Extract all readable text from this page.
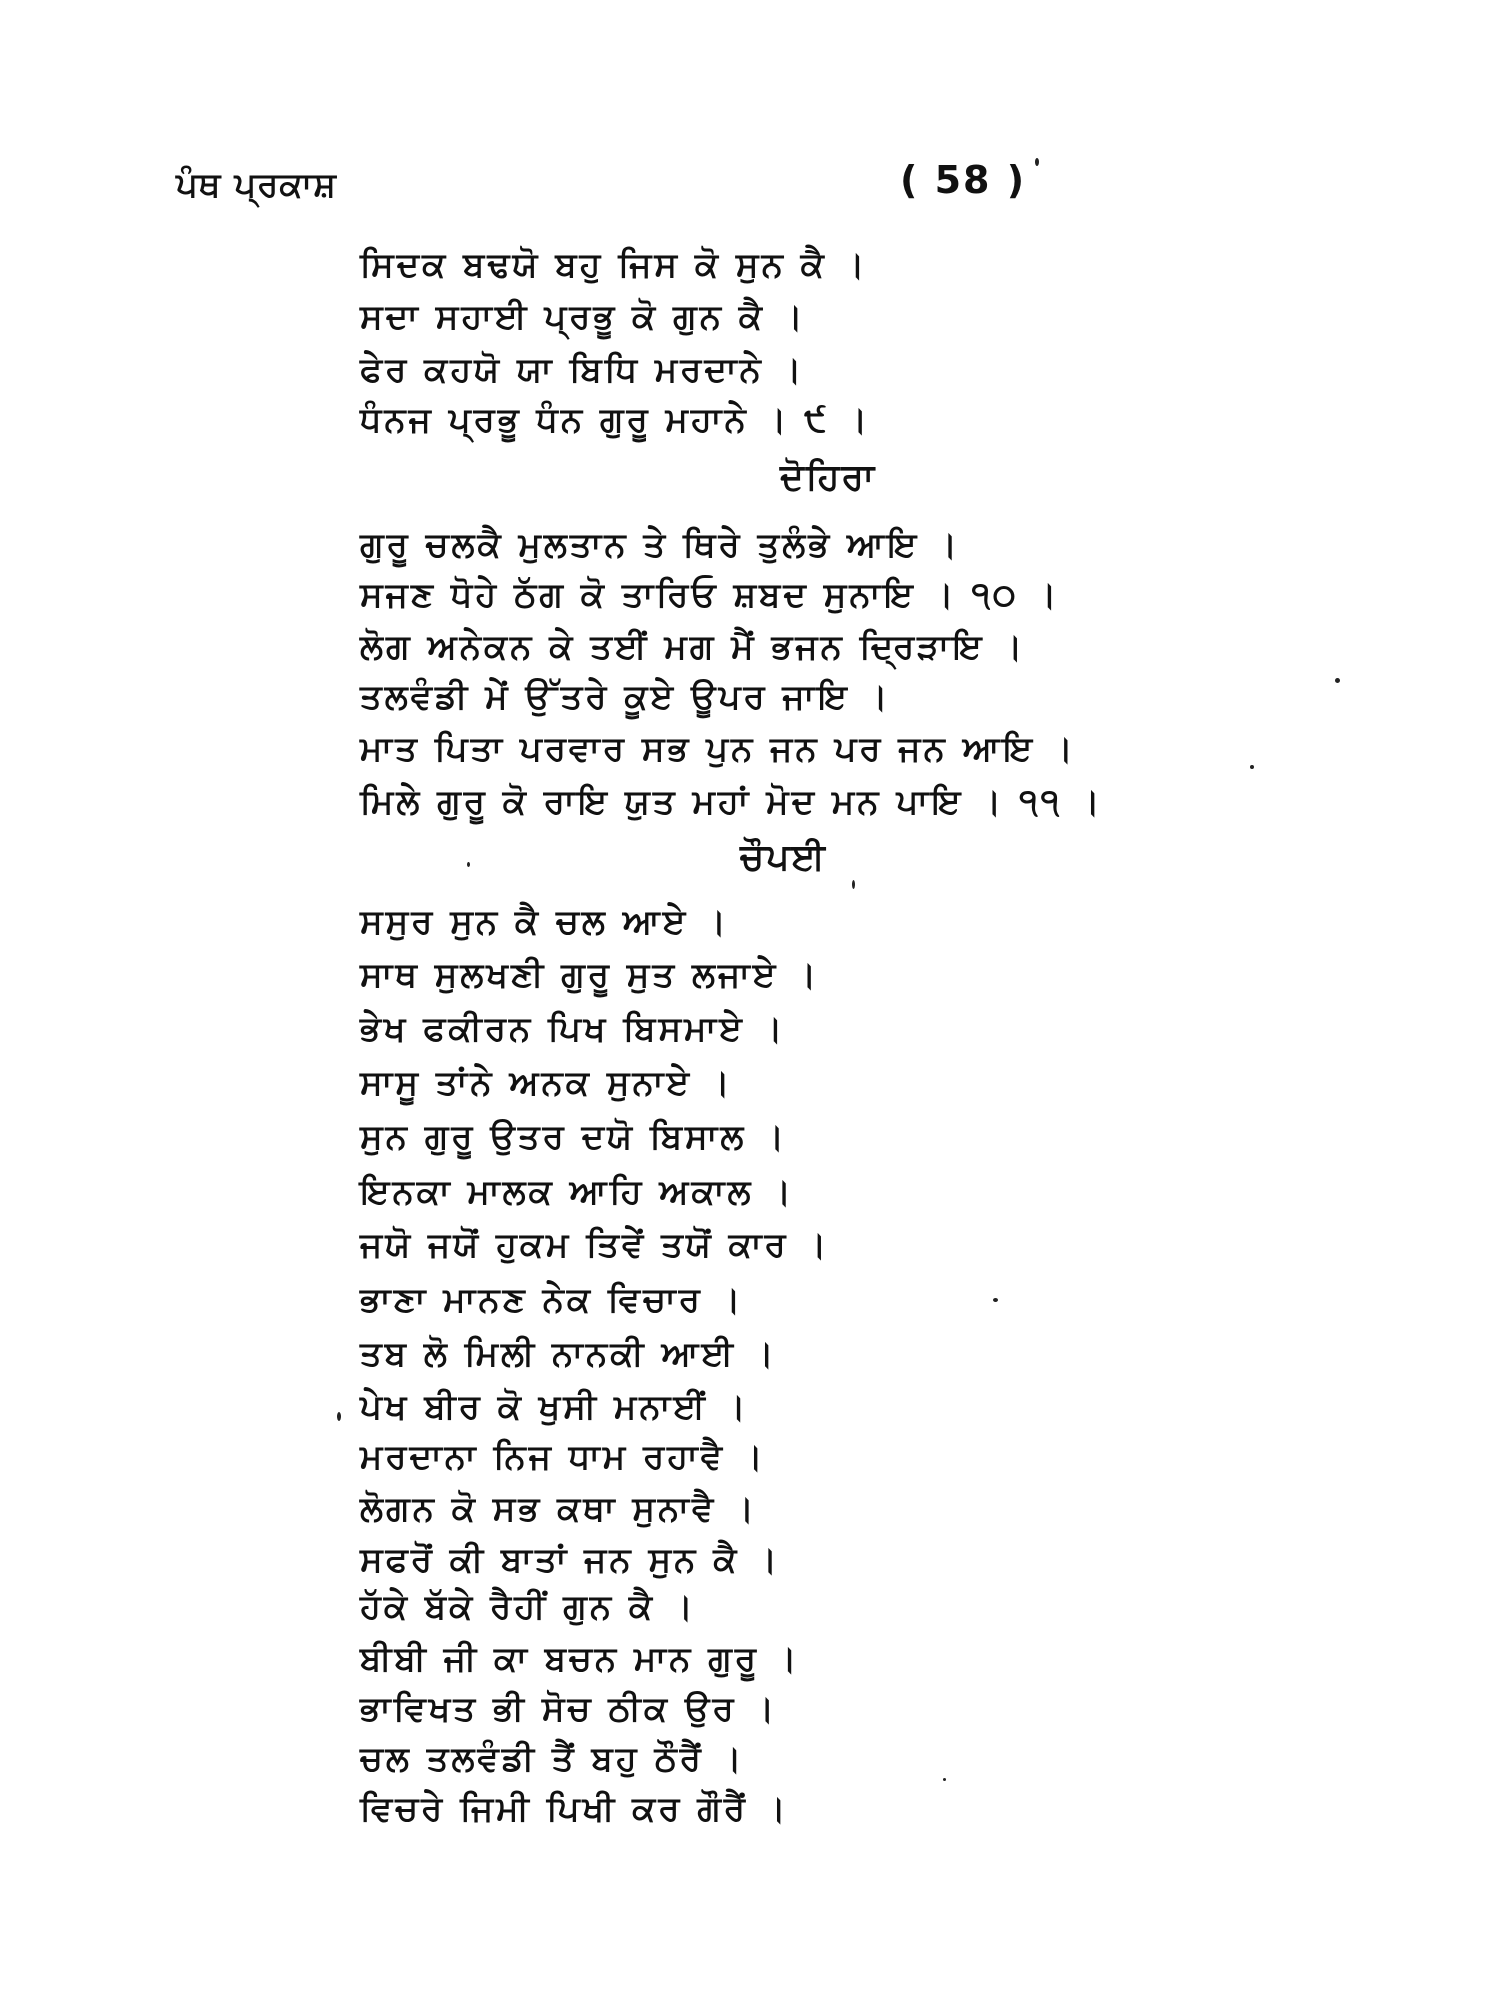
ਪੰਥ ਪ੍ਰਕਾਸ਼	( 58 )
ਸਿਦਕ ਬਢਯੋ ਬਹੁ ਜਿਸ ਕੋ ਸੁਨ ਕੈ ।
ਸਦਾ ਸਹਾਈ ਪ੍ਰਭੂ ਕੋ ਗੁਨ ਕੈ ।
ਫੇਰ ਕਹਯੋ ਯਾ ਬਿਧਿ ਮਰਦਾਨੇ ।
ਧੰਨਜ ਪ੍ਰਭੂ ਧੰਨ ਗੁਰੂ ਮਹਾਨੇ । ੯ ।
ਦੋਹਿਰਾ
ਗੁਰੂ ਚਲਕੈ ਮੁਲਤਾਨ ਤੇ ਥਿਰੇ ਤੁਲੰਭੇ ਆਇ ।
ਸਜਣ ਧੋਹੇ ਠੱਗ ਕੋ ਤਾਰਿਓ ਸ਼ਬਦ ਸੁਨਾਇ । ੧੦ ।
ਲੋਗ ਅਨੇਕਨ ਕੇ ਤਈਂ ਮਗ ਮੈਂ ਭਜਨ ਦ੍ਰਿੜਾਇ ।
ਤਲਵੰਡੀ ਮੇਂ ਉੱਤਰੇ ਕੂਏ ਊਪਰ ਜਾਇ ।
ਮਾਤ ਪਿਤਾ ਪਰਵਾਰ ਸਭ ਪੁਨ ਜਨ ਪਰ ਜਨ ਆਇ ।
ਮਿਲੇ ਗੁਰੂ ਕੋ ਰਾਇ ਯੁਤ ਮਹਾਂ ਮੋਦ ਮਨ ਪਾਇ । ੧੧ ।
ਚੌਪਈ
ਸਸੁਰ ਸੁਨ ਕੈ ਚਲ ਆਏ ।
ਸਾਥ ਸੁਲਖਣੀ ਗੁਰੂ ਸੁਤ ਲਜਾਏ ।
ਭੇਖ ਫਕੀਰਨ ਪਿਖ ਬਿਸਮਾਏ ।
ਸਾਸੂ ਤਾਂਨੇ ਅਨਕ ਸੁਨਾਏ ।
ਸੁਨ ਗੁਰੂ ਉਤਰ ਦਯੋ ਬਿਸਾਲ ।
ਇਨਕਾ ਮਾਲਕ ਆਹਿ ਅਕਾਲ ।
ਜਯੋ ਜਯੋਂ ਹੁਕਮ ਤਿਵੇਂ ਤਯੋਂ ਕਾਰ ।
ਭਾਣਾ ਮਾਨਣ ਨੇਕ ਵਿਚਾਰ ।
ਤਬ ਲੋ ਮਿਲੀ ਨਾਨਕੀ ਆਈ ।
ਪੇਖ ਬੀਰ ਕੋ ਖੁਸੀ ਮਨਾਈਂ ।
ਮਰਦਾਨਾ ਨਿਜ ਧਾਮ ਰਹਾਵੈ ।
ਲੋਗਨ ਕੋ ਸਭ ਕਥਾ ਸੁਨਾਵੈ ।
ਸਫਰੋਂ ਕੀ ਬਾਤਾਂ ਜਨ ਸੁਨ ਕੈ ।
ਹੱਕੇ ਬੱਕੇ ਰੈਹੀਂ ਗੁਨ ਕੈ ।
ਬੀਬੀ ਜੀ ਕਾ ਬਚਨ ਮਾਨ ਗੁਰੂ ।
ਭਾਵਿਖਤ ਭੀ ਸੋਚ ਠੀਕ ਉਰ ।
ਚਲ ਤਲਵੰਡੀ ਤੈਂ ਬਹੁ ਠੌਰੈਂ ।
ਵਿਚਰੇ ਜਿਮੀ ਪਿਖੀ ਕਰ ਗੌਰੈਂ ।
